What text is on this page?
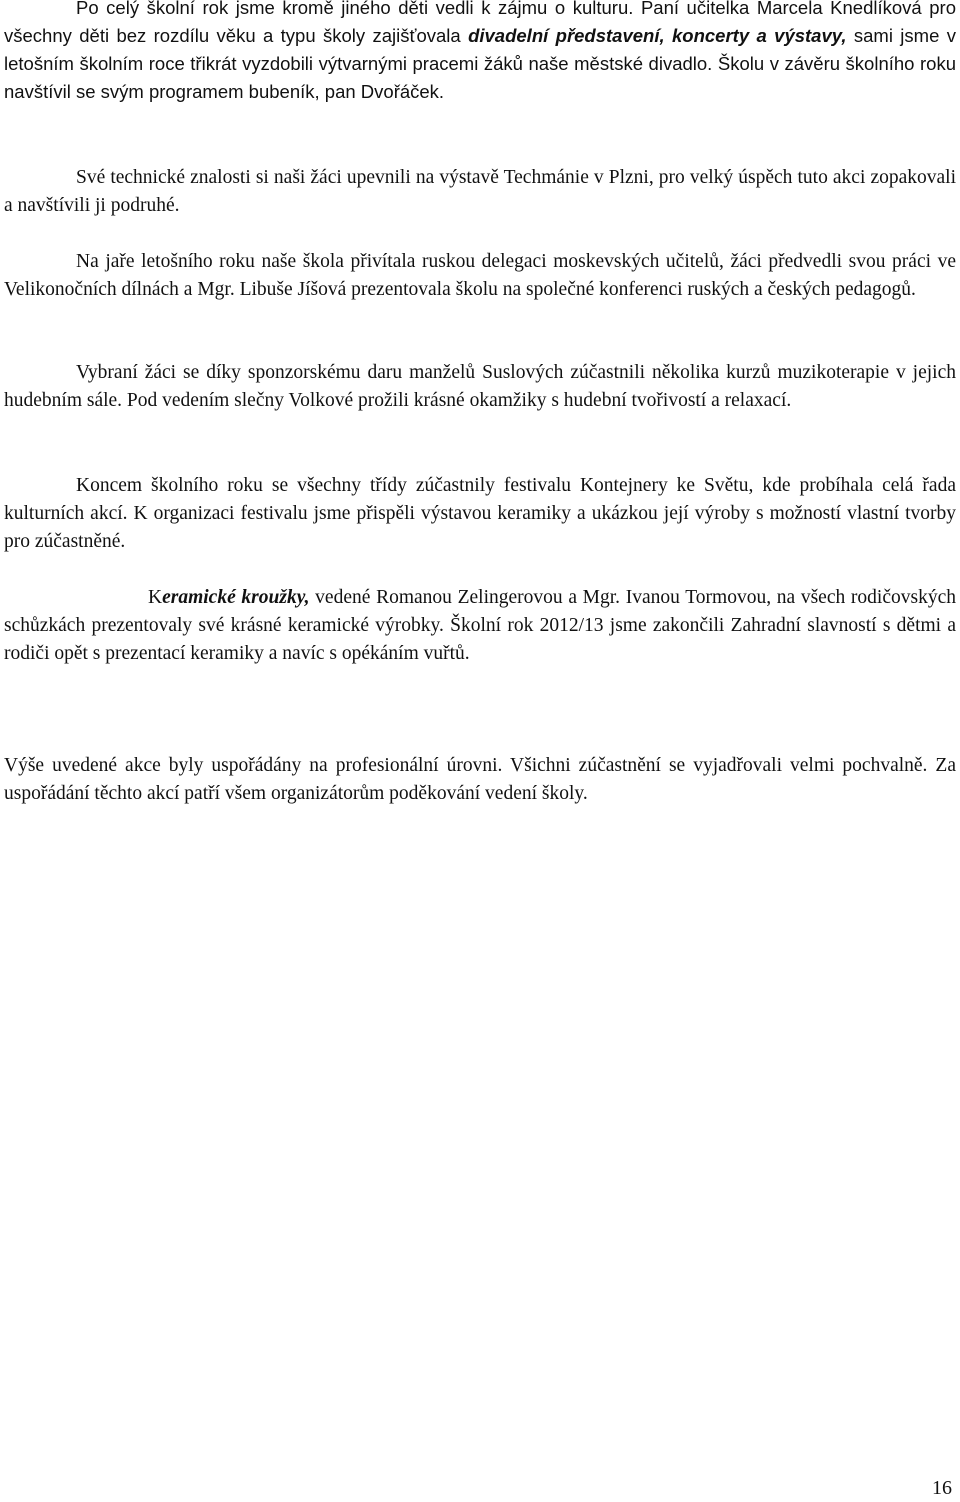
Po celý školní rok jsme kromě jiného děti vedli k zájmu o kulturu. Paní učitelka Marcela Knedlíková pro všechny děti bez rozdílu věku a typu školy zajišťovala divadelní představení, koncerty a výstavy, sami jsme v letošním školním roce třikrát vyzdobili výtvarnými pracemi žáků naše městské divadlo. Školu v závěru školního roku navštívil se svým programem bubeník, pan Dvořáček.

Své technické znalosti si naši žáci upevnili na výstavě Techmánie v Plzni, pro velký úspěch tuto akci zopakovali a navštívili ji podruhé.

Na jaře letošního roku naše škola přivítala ruskou delegaci moskevských učitelů, žáci předvedli svou práci ve Velikonočních dílnách a Mgr. Libuše Jíšová prezentovala školu na společné konferenci ruských a českých pedagogů.

Vybraní žáci se díky sponzorskému daru manželů Suslových zúčastnili několika kurzů muzikoterapie v jejich hudebním sále. Pod vedením slečny Volkové prožili krásné okamžiky s hudební tvořivostí a relaxací.

Koncem školního roku se všechny třídy zúčastnily festivalu Kontejnery ke Světu, kde probíhala celá řada kulturních akcí. K organizaci festivalu jsme přispěli výstavou keramiky a ukázkou její výroby s možností vlastní tvorby pro zúčastněné.

Keramické kroužky, vedené Romanou Zelingerovou a Mgr. Ivanou Tormovou, na všech rodičovských schůzkách prezentovaly své krásné keramické výrobky. Školní rok 2012/13 jsme zakončili Zahradní slavností s dětmi a rodiči opět s prezentací keramiky a navíc s opékáním vuřtů.

Výše uvedené akce byly uspořádány na profesionální úrovni. Všichni zúčastnění se vyjadřovali velmi pochvalně. Za uspořádání těchto akcí patří všem organizátorům poděkování vedení školy.

16
